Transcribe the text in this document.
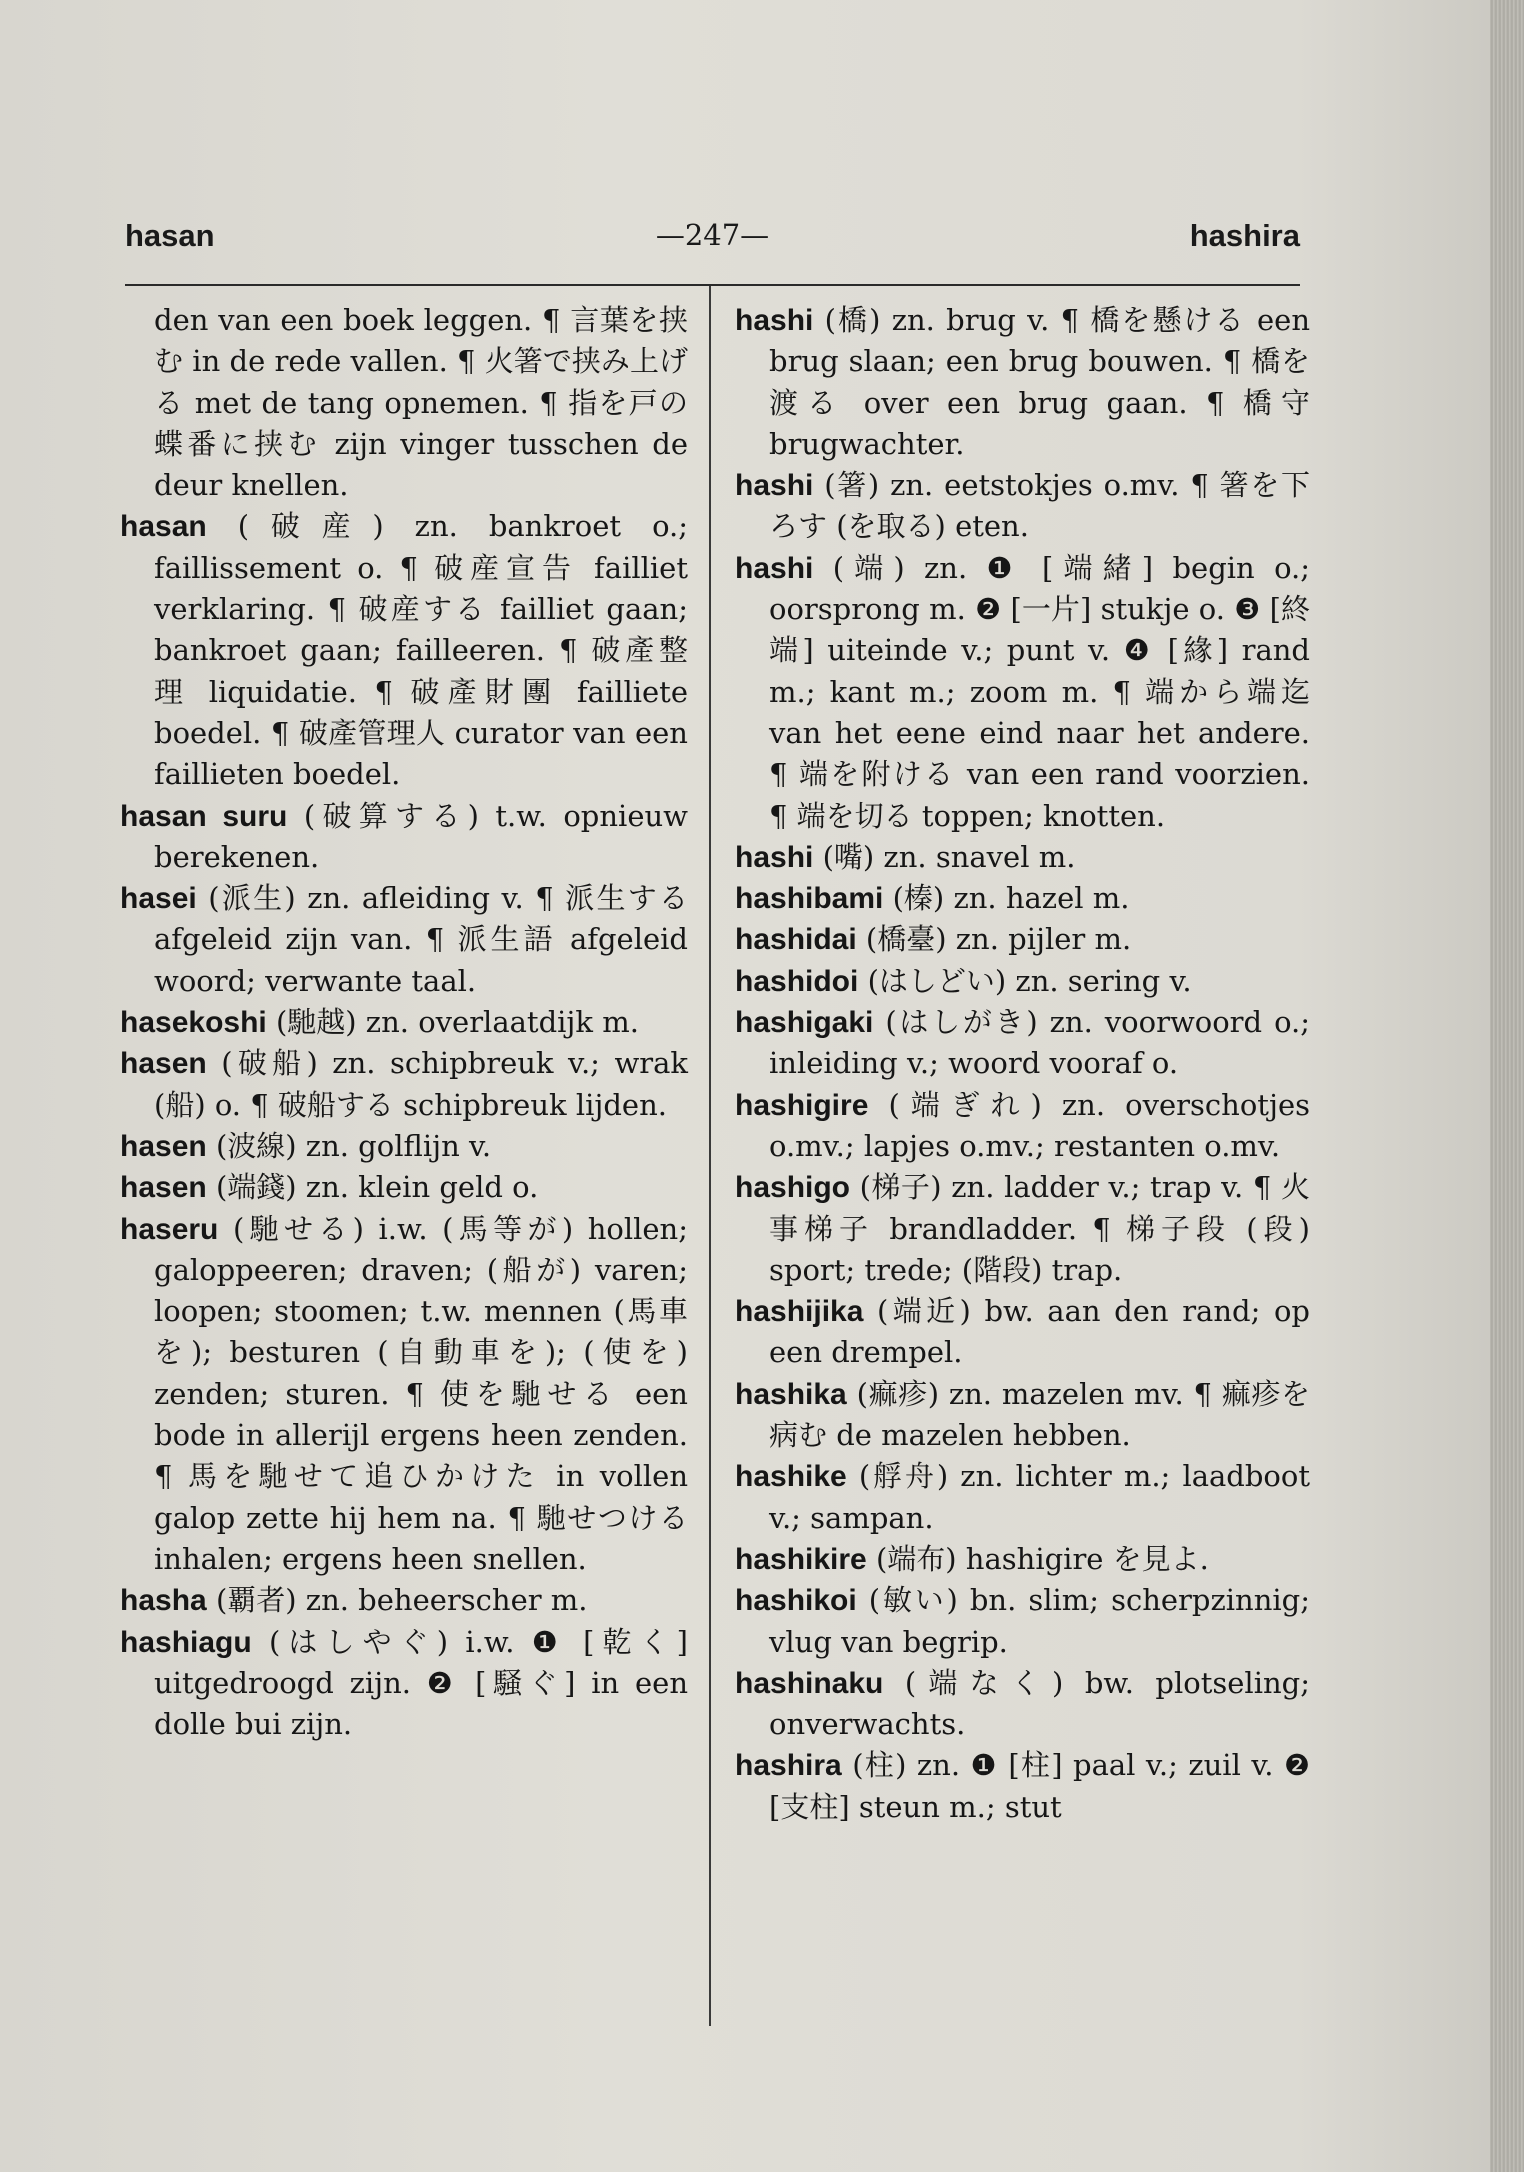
hasan	—247—	hashira
den van een boek leggen. ¶ 言葉を挟む in de rede vallen. ¶ 火箸で挟み上げる met de tang opnemen. ¶ 指を戸の蝶番に挟む zijn vinger tusschen de deur knellen.
hasan (破産) zn. bankroet o.; faillissement o. ¶ 破産宣告 failliet verklaring. ¶ 破産する failliet gaan; bankroet gaan; failleeren. ¶ 破產整理 liquidatie. ¶ 破產財團 failliete boedel. ¶ 破產管理人 curator van een faillieten boedel.
hasan suru (破算する) t.w. opnieuw berekenen.
hasei (派生) zn. afleiding v. ¶ 派生する afgeleid zijn van. ¶ 派生語 afgeleid woord; verwante taal.
hasekoshi (馳越) zn. overlaatdijk m.
hasen (破船) zn. schipbreuk v.; wrak (船) o. ¶ 破船する schipbreuk lijden.
hasen (波線) zn. golflijn v.
hasen (端錢) zn. klein geld o.
haseru (馳せる) i.w. (馬等が) hollen; galoppeeren; draven; (船が) varen; loopen; stoomen; t.w. mennen (馬車を); besturen (自動車を); (使を) zenden; sturen. ¶ 使を馳せる een bode in allerijl ergens heen zenden. ¶ 馬を馳せて追ひかけた in vollen galop zette hij hem na. ¶ 馳せつける inhalen; ergens heen snellen.
hasha (覇者) zn. beheerscher m.
hashiagu (はしやぐ) i.w. ❶ [乾く] uitgedroogd zijn. ❷ [騒ぐ] in een dolle bui zijn.
hashi (橋) zn. brug v. ¶ 橋を懸ける een brug slaan; een brug bouwen. ¶ 橋を渡る over een brug gaan. ¶ 橋守 brugwachter.
hashi (箸) zn. eetstokjes o.mv. ¶ 箸を下ろす (を取る) eten.
hashi (端) zn. ❶ [端緒] begin o.; oorsprong m. ❷ [一片] stukje o. ❸ [終端] uiteinde v.; punt v. ❹ [緣] rand m.; kant m.; zoom m. ¶ 端から端迄 van het eene eind naar het andere. ¶ 端を附ける van een rand voorzien. ¶ 端を切る toppen; knotten.
hashi (嘴) zn. snavel m.
hashibami (榛) zn. hazel m.
hashidai (橋臺) zn. pijler m.
hashidoi (はしどい) zn. sering v.
hashigaki (はしがき) zn. voorwoord o.; inleiding v.; woord vooraf o.
hashigire (端ぎれ) zn. overschotjes o.mv.; lapjes o.mv.; restanten o.mv.
hashigo (梯子) zn. ladder v.; trap v. ¶ 火事梯子 brandladder. ¶ 梯子段 (段) sport; trede; (階段) trap.
hashijika (端近) bw. aan den rand; op een drempel.
hashika (痲疹) zn. mazelen mv. ¶ 痲疹を病む de mazelen hebben.
hashike (艀舟) zn. lichter m.; laadboot v.; sampan.
hashikire (端布) hashigire を見よ.
hashikoi (敏い) bn. slim; scherpzinnig; vlug van begrip.
hashinaku (端なく) bw. plotseling; onverwachts.
hashira (柱) zn. ❶ [柱] paal v.; zuil v. ❷ [支柱] steun m.; stut
